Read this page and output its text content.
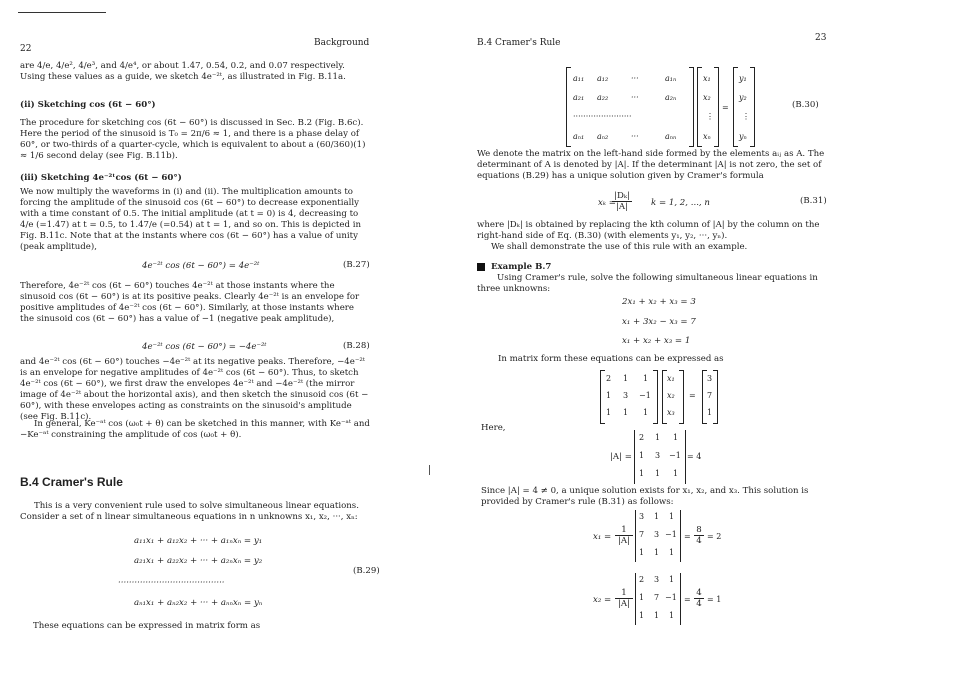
22
Background
are 4/e, 4/e², 4/e³, and 4/e⁴, or about 1.47, 0.54, 0.2, and 0.07 respectively. Using these values as a guide, we sketch 4e⁻²ᵗ, as illustrated in Fig. B.11a.
(ii) Sketching cos (6t − 60°)
The procedure for sketching cos (6t − 60°) is discussed in Sec. B.2 (Fig. B.6c). Here the period of the sinusoid is T₀ = 2π/6 ≈ 1, and there is a phase delay of 60°, or two-thirds of a quarter-cycle, which is equivalent to about a (60/360)(1) ≈ 1/6 second delay (see Fig. B.11b).
(iii) Sketching 4e⁻²ᵗcos (6t − 60°)
We now multiply the waveforms in (i) and (ii). The multiplication amounts to forcing the amplitude of the sinusoid cos (6t − 60°) to decrease exponentially with a time constant of 0.5. The initial amplitude (at t = 0) is 4, decreasing to 4/e (=1.47) at t = 0.5, to 1.47/e (=0.54) at t = 1, and so on. This is depicted in Fig. B.11c. Note that at the instants where cos (6t − 60°) has a value of unity (peak amplitude),
4e⁻²ᵗ cos (6t − 60°) = 4e⁻²ᵗ	(B.27)
Therefore, 4e⁻²ᵗ cos (6t − 60°) touches 4e⁻²ᵗ at those instants where the sinusoid cos (6t − 60°) is at its positive peaks. Clearly 4e⁻²ᵗ is an envelope for positive amplitudes of 4e⁻²ᵗ cos (6t − 60°). Similarly, at those instants where the sinusoid cos (6t − 60°) has a value of −1 (negative peak amplitude),
4e⁻²ᵗ cos (6t − 60°) = −4e⁻²ᵗ	(B.28)
and 4e⁻²ᵗ cos (6t − 60°) touches −4e⁻²ᵗ at its negative peaks. Therefore, −4e⁻²ᵗ is an envelope for negative amplitudes of 4e⁻²ᵗ cos (6t − 60°). Thus, to sketch 4e⁻²ᵗ cos (6t − 60°), we first draw the envelopes 4e⁻²ᵗ and −4e⁻²ᵗ (the mirror image of 4e⁻²ᵗ about the horizontal axis), and then sketch the sinusoid cos (6t − 60°), with these envelopes acting as constraints on the sinusoid's amplitude (see Fig. B.11c).
In general, Ke⁻ᵃᵗ cos (ω₀t + θ) can be sketched in this manner, with Ke⁻ᵃᵗ and −Ke⁻ᵃᵗ constraining the amplitude of cos (ω₀t + θ).
B.4 Cramer's Rule
This is a very convenient rule used to solve simultaneous linear equations. Consider a set of n linear simultaneous equations in n unknowns x₁, x₂, ···, xₙ:
a₁₁x₁ + a₁₂x₂ + ··· + a₁ₙxₙ = y₁
a₂₁x₁ + a₂₂x₂ + ··· + a₂ₙxₙ = y₂
·······································
aₙ₁x₁ + aₙ₂x₂ + ··· + aₙₙxₙ = yₙ
(B.29)
These equations can be expressed in matrix form as
B.4 Cramer's Rule	23
a₁₁ a₁₂	···	a₁ₙ
a₂₁ a₂₂	···	a₂ₙ
·······················
aₙ₁ aₙ₂	···	aₙₙ
x₁
x₂
⋮
xₙ
=
y₁
y₂
⋮
yₙ
(B.30)
We denote the matrix on the left-hand side formed by the elements aᵢⱼ as A. The determinant of A is denoted by |A|. If the determinant |A| is not zero, the set of equations (B.29) has a unique solution given by Cramer's formula
xₖ =
$\frac{\text{|Dₖ|}}{|A|}$ k = 1, 2, ..., n	(B.31)
where |Dₖ| is obtained by replacing the kth column of |A| by the column on the right-hand side of Eq. (B.30) (with elements y₁, y₂, ···, yₙ).
We shall demonstrate the use of this rule with an example.
Example B.7
Using Cramer's rule, solve the following simultaneous linear equations in three unknowns:
2x₁ + x₂ + x₃ = 3
x₁ + 3x₂ − x₃ = 7
x₁ + x₂ + x₃ = 1
In matrix form these equations can be expressed as
2 1 1
1 3 −1
1 1 1
x₁
x₂
x₃
=
3
7
1
Here,
|A| =
2 1 1
1 3 −1
1 1 1
= 4
Since |A| = 4 ≠ 0, a unique solution exists for x₁, x₂, and x₃. This solution is provided by Cramer's rule (B.31) as follows:
$x_1 = \frac{1}{|A|}$
3 1 1
7 3 −1
1 1 1
= $\frac{8}{4} = 2$
$x_2 = \frac{1}{|A|}$
2 3 1
1 7 −1
1 1 1
= $\frac{4}{4} = 1$
